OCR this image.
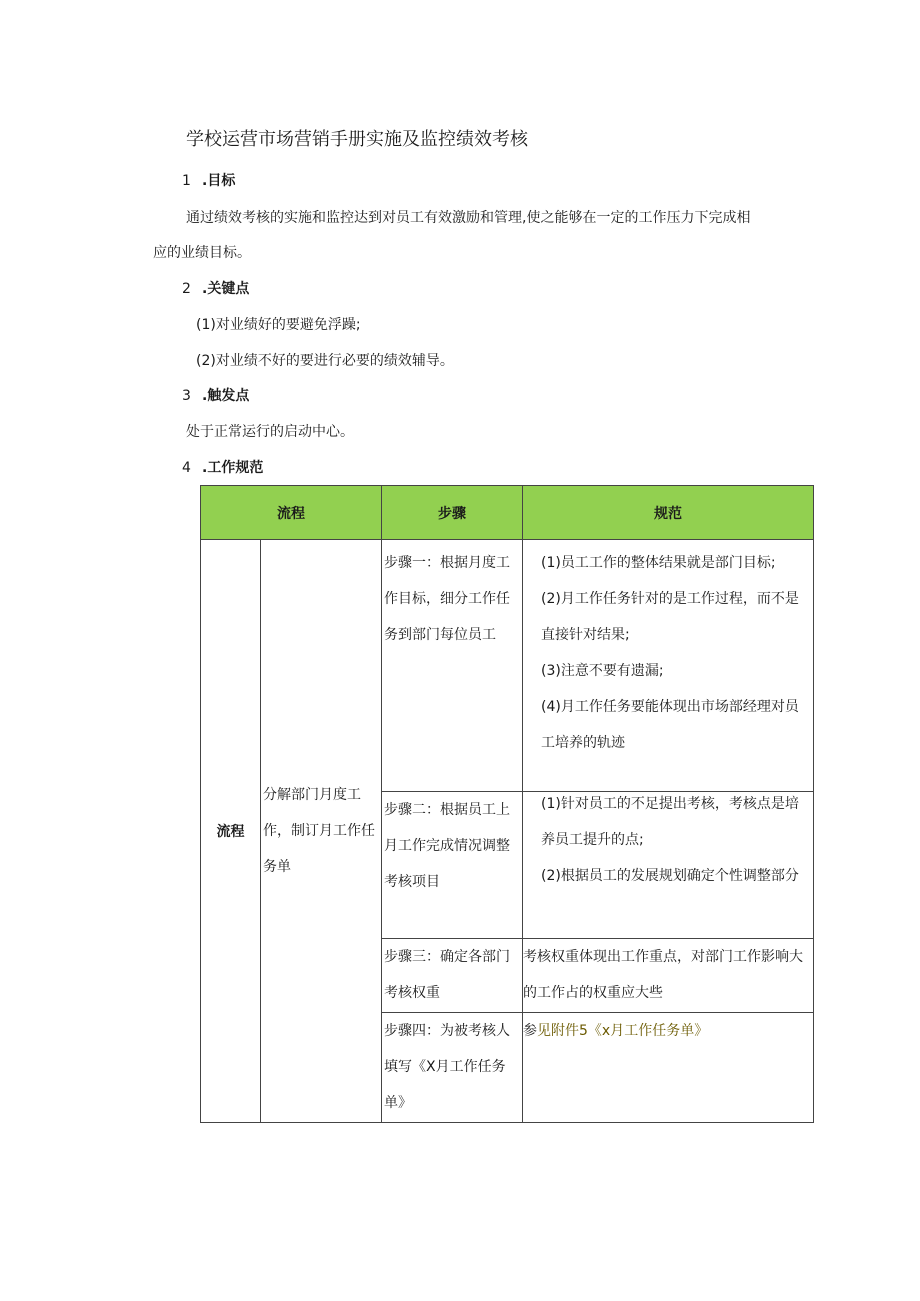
学校运营市场营销手册实施及监控绩效考核
1 .目标
通过绩效考核的实施和监控达到对员工有效激励和管理,使之能够在一定的工作压力下完成相
应的业绩目标。
2 .关键点
(1)对业绩好的要避免浮躁;
(2)对业绩不好的要进行必要的绩效辅导。
3 .触发点
处于正常运行的启动中心。
4 .工作规范
流程		步骤	规范
流程	分解部门月度工作，制订月工作任务单	步骤一：根据月度工作目标，细分工作任务到部门每位员工	(1)员工工作的整体结果就是部门目标;
(2)月工作任务针对的是工作过程，而不是直接针对结果;
(3)注意不要有遗漏;
(4)月工作任务要能体现出市场部经理对员工培养的轨迹

		步骤二：根据员工上月工作完成情况调整考核项目	(1)针对员工的不足提出考核，考核点是培养员工提升的点;
(2)根据员工的发展规划确定个性调整部分

		步骤三：确定各部门考核权重	考核权重体现出工作重点，对部门工作影响大的工作占的权重应大些

		步骤四：为被考核人填写《X月工作任务单》	参见附件5《x月工作任务单》
